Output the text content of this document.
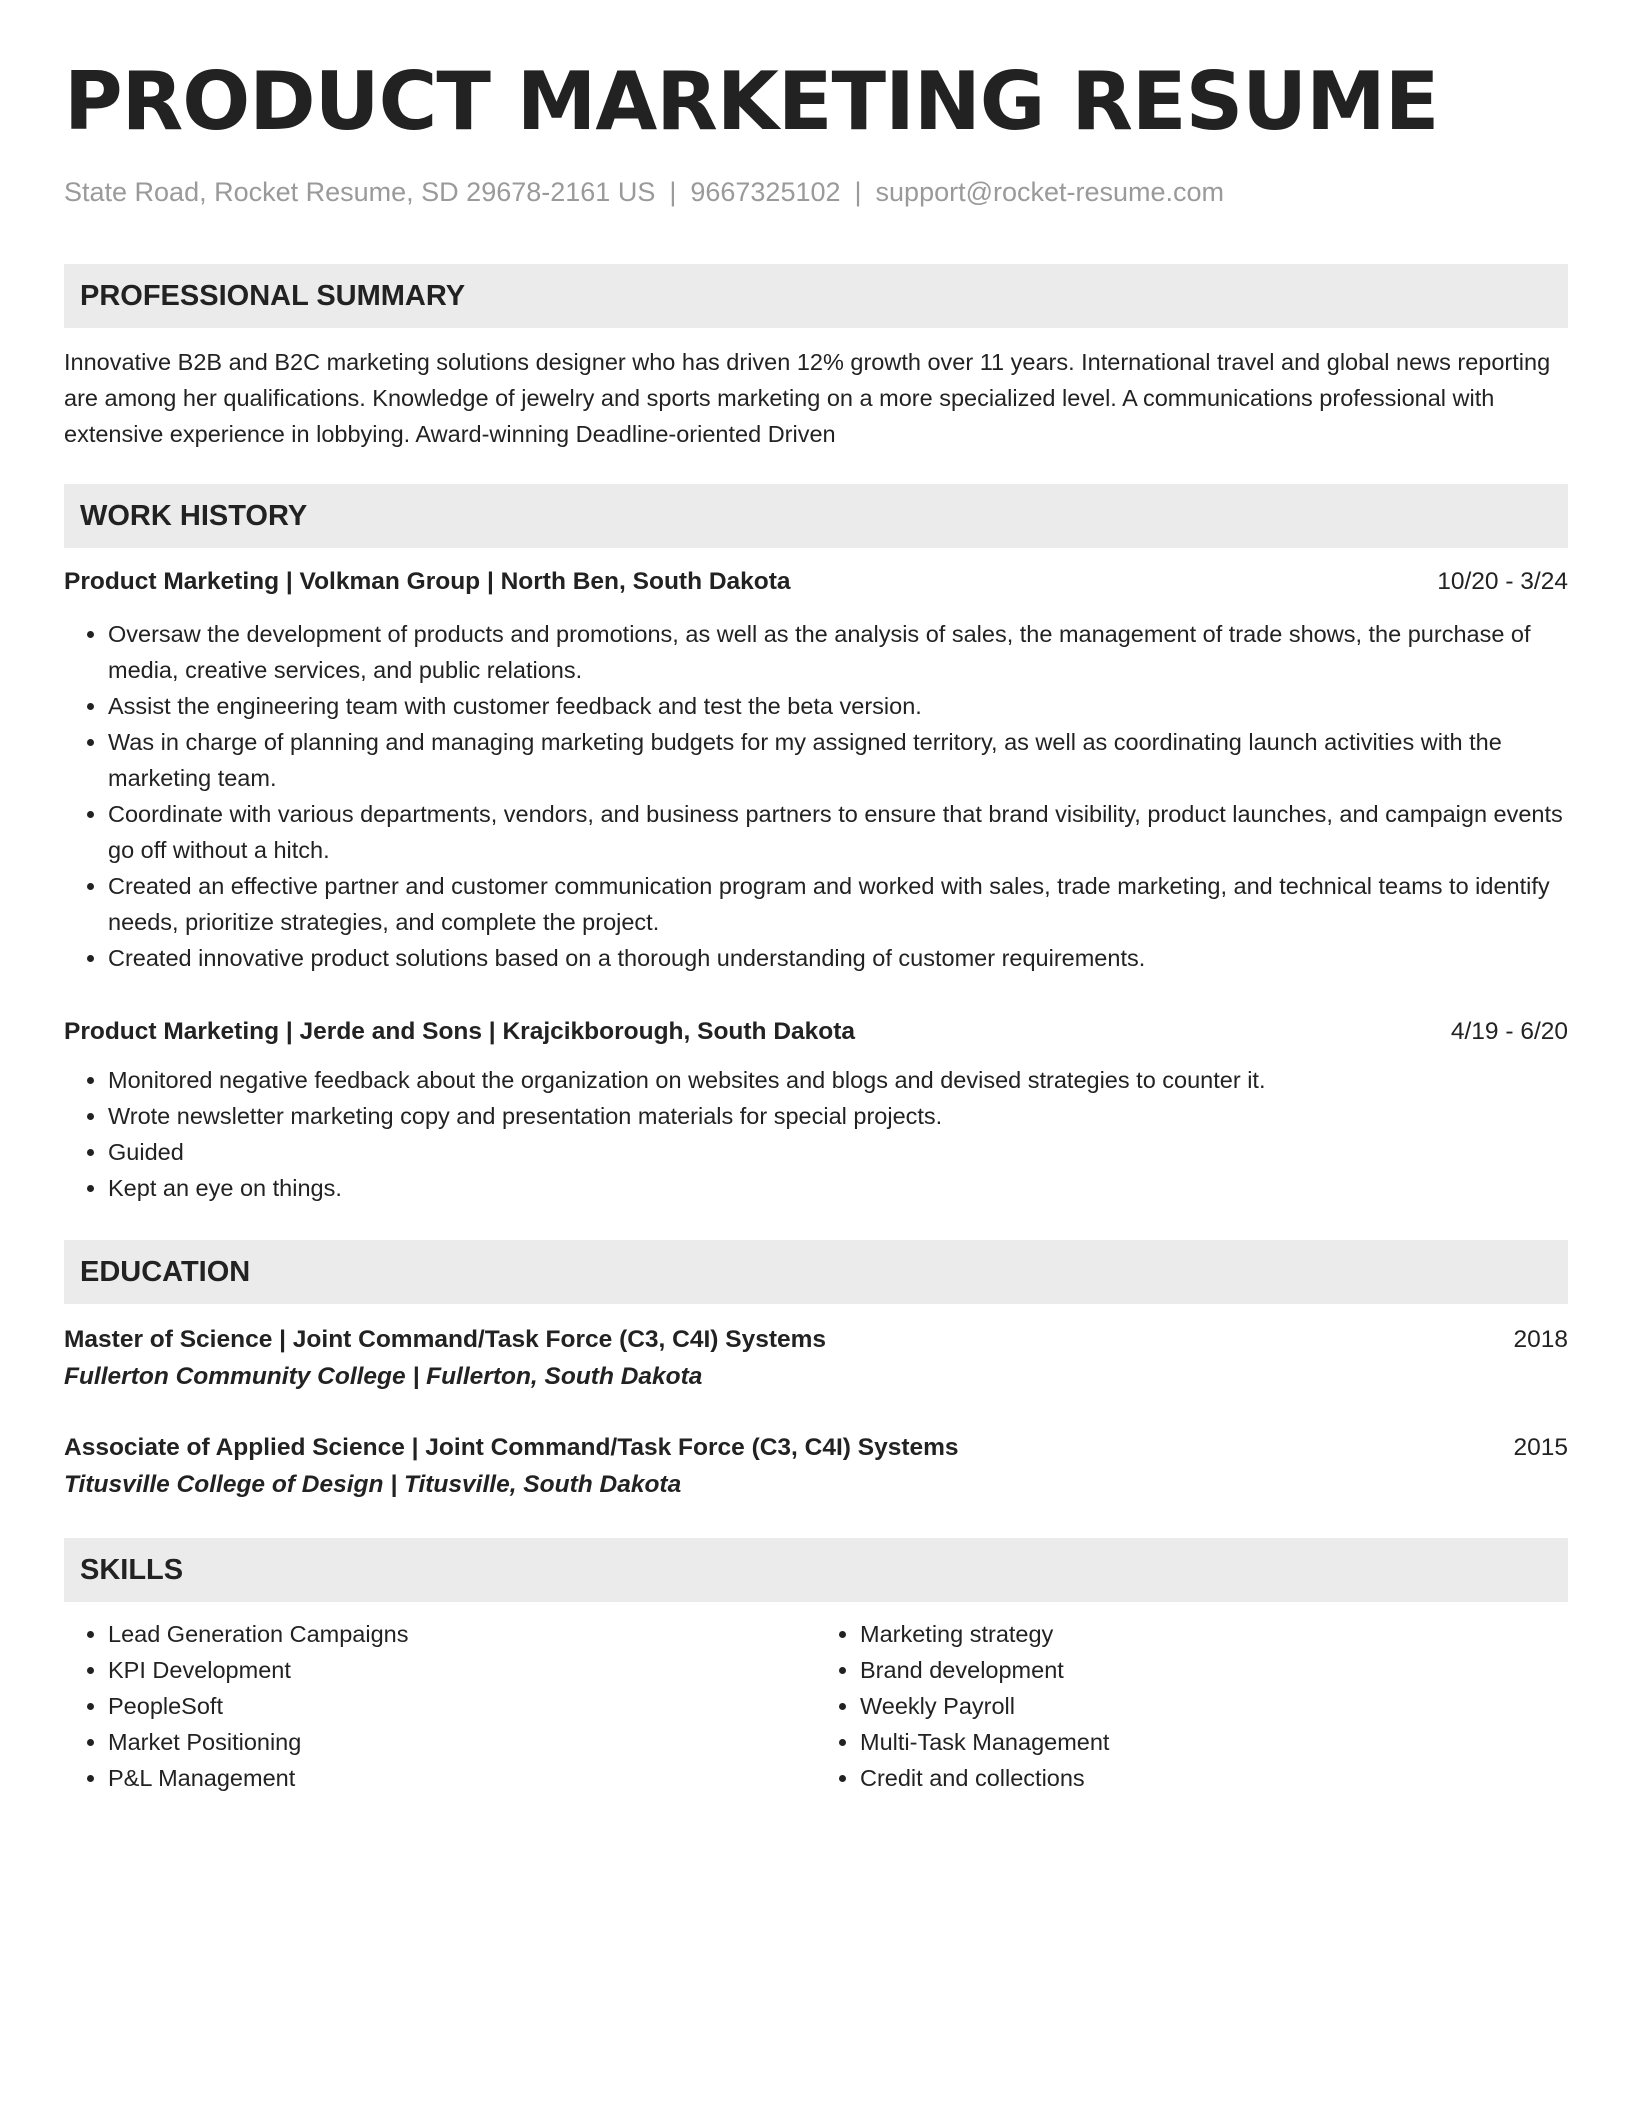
PRODUCT MARKETING RESUME
State Road, Rocket Resume, SD 29678-2161 US | 9667325102 | support@rocket-resume.com
PROFESSIONAL SUMMARY
Innovative B2B and B2C marketing solutions designer who has driven 12% growth over 11 years. International travel and global news reporting are among her qualifications. Knowledge of jewelry and sports marketing on a more specialized level. A communications professional with extensive experience in lobbying. Award-winning Deadline-oriented Driven
WORK HISTORY
Product Marketing | Volkman Group | North Ben, South Dakota	10/20 - 3/24
• Oversaw the development of products and promotions, as well as the analysis of sales, the management of trade shows, the purchase of media, creative services, and public relations.
• Assist the engineering team with customer feedback and test the beta version.
• Was in charge of planning and managing marketing budgets for my assigned territory, as well as coordinating launch activities with the marketing team.
• Coordinate with various departments, vendors, and business partners to ensure that brand visibility, product launches, and campaign events go off without a hitch.
• Created an effective partner and customer communication program and worked with sales, trade marketing, and technical teams to identify needs, prioritize strategies, and complete the project.
• Created innovative product solutions based on a thorough understanding of customer requirements.
Product Marketing | Jerde and Sons | Krajcikborough, South Dakota	4/19 - 6/20
• Monitored negative feedback about the organization on websites and blogs and devised strategies to counter it.
• Wrote newsletter marketing copy and presentation materials for special projects.
• Guided
• Kept an eye on things.
EDUCATION
Master of Science | Joint Command/Task Force (C3, C4I) Systems	2018
Fullerton Community College | Fullerton, South Dakota
Associate of Applied Science | Joint Command/Task Force (C3, C4I) Systems	2015
Titusville College of Design | Titusville, South Dakota
SKILLS
• Lead Generation Campaigns
• KPI Development
• PeopleSoft
• Market Positioning
• P&L Management
• Marketing strategy
• Brand development
• Weekly Payroll
• Multi-Task Management
• Credit and collections
